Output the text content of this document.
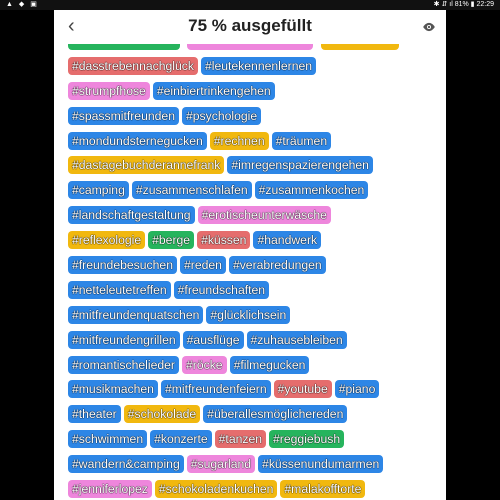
▲ ◆ ▣	✱ ⇵ ıl 81% ▮ 22:29
‹	75 % ausgefüllt

#dasstrebennachglück #leutekennenlernen
#strumpfhose #einbiertrinkengehen
#spassmitfreunden #psychologie
#mondundsternegucken #rechnen #träumen
#dastagebuchderannefrank #imregenspazierengehen
#camping #zusammenschlafen #zusammenkochen
#landschaftgestaltung #erotischeunterwäsche
#reflexologie #berge #küssen #handwerk
#freundebesuchen #reden #verabredungen
#netteleutetreffen #freundschaften
#mitfreundenquatschen #glücklichsein
#mitfreundengrillen #ausflüge #zuhausebleiben
#romantischelieder #röcke #filmegucken
#musikmachen #mitfreundenfeiern #youtube #piano
#theater #schokolade #überallesmöglichereden
#schwimmen #konzerte #tanzen #reggiebush
#wandern&camping #sugarland #küssenundumarmen
#jenniferlopez #schokoladenkuchen #malakofftorte
